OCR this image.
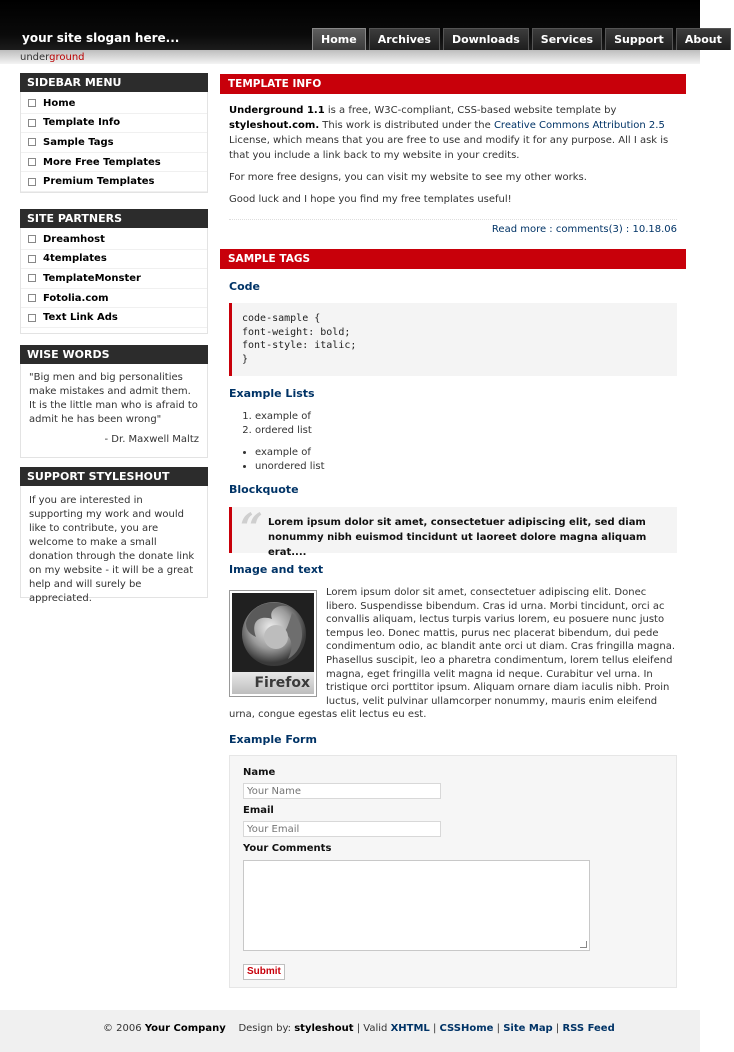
your site slogan here...	Home	Archives	Downloads	Services	Support	About
underground
SIDEBAR MENU
Home
Template Info
Sample Tags
More Free Templates
Premium Templates
SITE PARTNERS
Dreamhost
4templates
TemplateMonster
Fotolia.com
Text Link Ads
WISE WORDS
"Big men and big personalities make mistakes and admit them. It is the little man who is afraid to admit he has been wrong"
- Dr. Maxwell Maltz
SUPPORT STYLESHOUT
If you are interested in supporting my work and would like to contribute, you are welcome to make a small donation through the donate link on my website - it will be a great help and will surely be appreciated.
TEMPLATE INFO

Underground 1.1 is a free, W3C-compliant, CSS-based website template by styleshout.com. This work is distributed under the Creative Commons Attribution 2.5 License, which means that you are free to use and modify it for any purpose. All I ask is that you include a link back to my website in your credits.

For more free designs, you can visit my website to see my other works.

Good luck and I hope you find my free templates useful!

Read more : comments(3) : 10.18.06
SAMPLE TAGS
Code
code-sample {
font-weight: bold;
font-style: italic;
}
Example Lists
1. example of
2. ordered list
• example of
• unordered list
Blockquote
“ Lorem ipsum dolor sit amet, consectetuer adipiscing elit, sed diam nonummy nibh euismod tincidunt ut laoreet dolore magna aliquam erat....
Image and text
Lorem ipsum dolor sit amet, consectetuer adipiscing elit. Donec libero. Suspendisse bibendum. Cras id urna. Morbi tincidunt, orci ac convallis aliquam, lectus turpis varius lorem, eu posuere nunc justo tempus leo. Donec mattis, purus nec placerat bibendum, dui pede condimentum odio, ac blandit ante orci ut diam. Cras fringilla magna. Phasellus suscipit, leo a pharetra condimentum, lorem tellus eleifend magna, eget fringilla velit magna id neque. Curabitur vel urna. In tristique orci porttitor ipsum. Aliquam ornare diam iaculis nibh. Proin luctus, velit pulvinar ullamcorper nonummy, mauris enim eleifend urna, congue egestas elit lectus eu est.
Firefox
Example Form
Name
Your Name
Email
Your Email
Your Comments
Submit
© 2006 Your Company Design by: styleshout | Valid XHTML | CSS Home | Site Map | RSS Feed
